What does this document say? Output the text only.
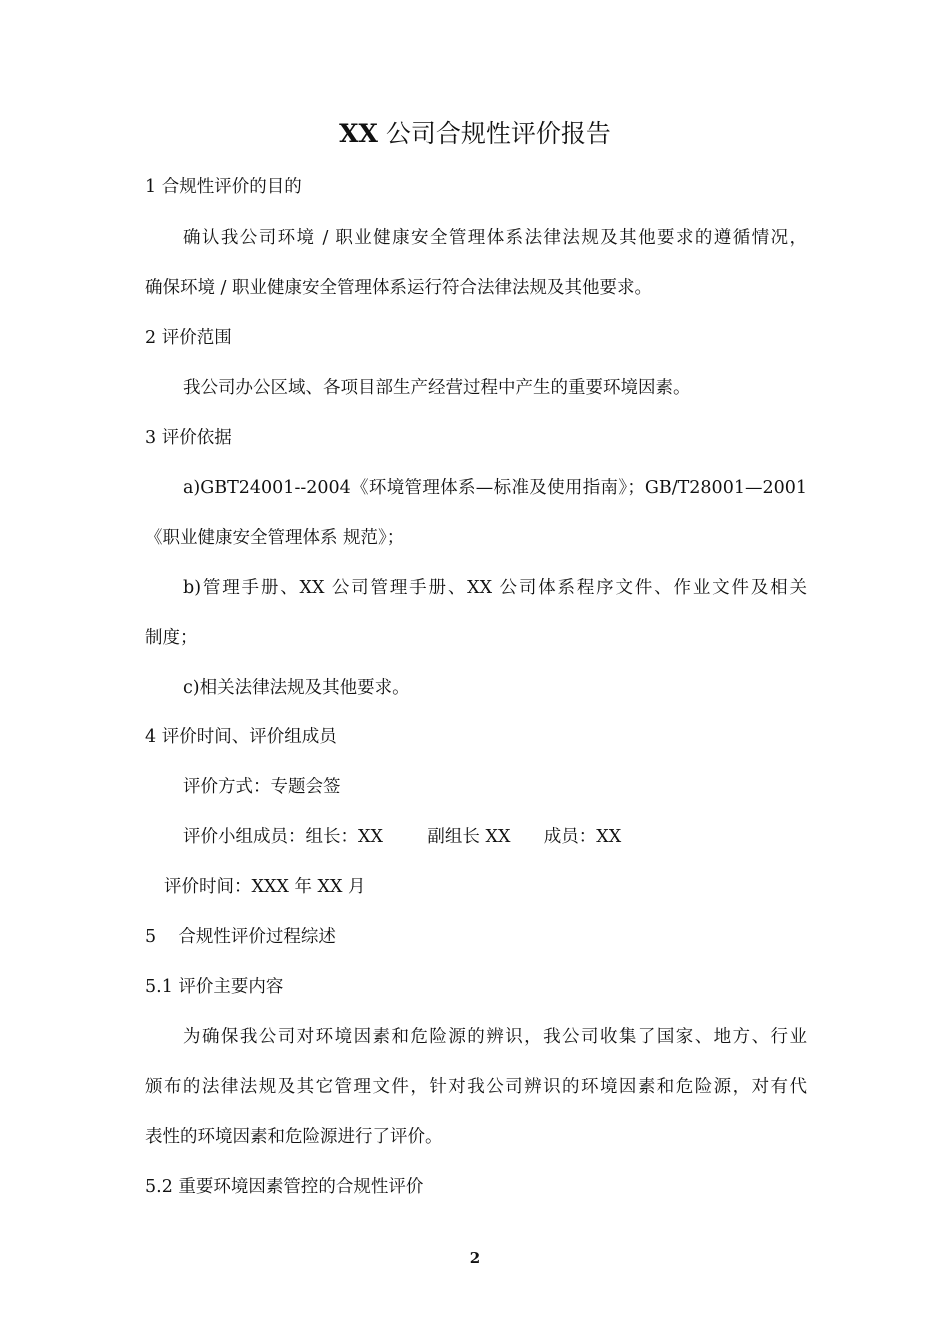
XX 公司合规性评价报告
1 合规性评价的目的
确认我公司环境 / 职业健康安全管理体系法律法规及其他要求的遵循情况，
确保环境 / 职业健康安全管理体系运行符合法律法规及其他要求。
2 评价范围
我公司办公区域、各项目部生产经营过程中产生的重要环境因素。
3 评价依据
a)GBT24001--2004《环境管理体系—标准及使用指南》；GB/T28001—2001
《职业健康安全管理体系 规范》；
b)管理手册、XX 公司管理手册、XX 公司体系程序文件、作业文件及相关
制度；
c)相关法律法规及其他要求。
4 评价时间、评价组成员
评价方式：专题会签
评价小组成员：组长：XX        副组长 XX      成员：XX
评价时间：XXX 年 XX 月
5    合规性评价过程综述
5.1 评价主要内容
为确保我公司对环境因素和危险源的辨识，我公司收集了国家、地方、行业
颁布的法律法规及其它管理文件，针对我公司辨识的环境因素和危险源，对有代
表性的环境因素和危险源进行了评价。
5.2 重要环境因素管控的合规性评价
2
